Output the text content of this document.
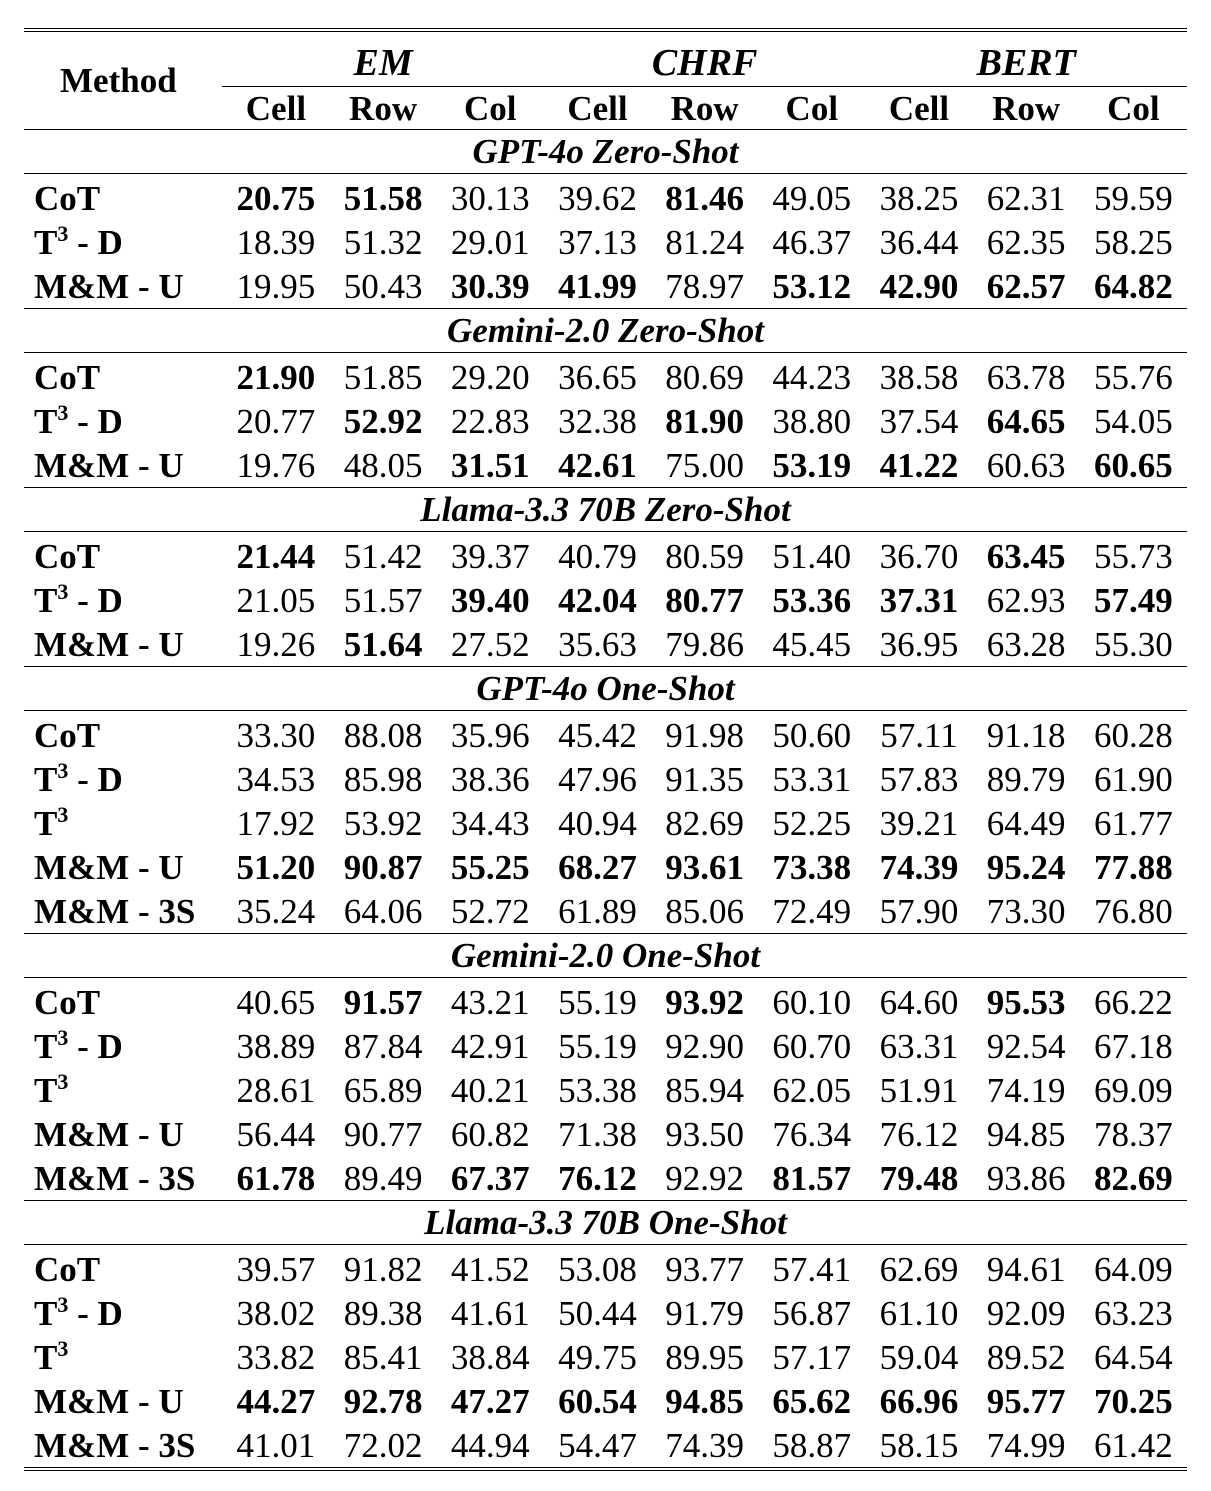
Method	EM			CHRF			BERT		
	Cell	Row	Col	Cell	Row	Col	Cell	Row	Col
GPT-4o Zero-Shot									
CoT	20.75	51.58	30.13	39.62	81.46	49.05	38.25	62.31	59.59
$T^3$ - D	18.39	51.32	29.01	37.13	81.24	46.37	36.44	62.35	58.25
M&M - U	19.95	50.43	30.39	41.99	78.97	53.12	42.90	62.57	64.82
Gemini-2.0 Zero-Shot									
CoT	21.90	51.85	29.20	36.65	80.69	44.23	38.58	63.78	55.76
$T^3$ - D	20.77	52.92	22.83	32.38	81.90	38.80	37.54	64.65	54.05
M&M - U	19.76	48.05	31.51	42.61	75.00	53.19	41.22	60.63	60.65
Llama-3.3 70B Zero-Shot									
CoT	21.44	51.42	39.37	40.79	80.59	51.40	36.70	63.45	55.73
$T^3$ - D	21.05	51.57	39.40	42.04	80.77	53.36	37.31	62.93	57.49
M&M - U	19.26	51.64	27.52	35.63	79.86	45.45	36.95	63.28	55.30
GPT-4o One-Shot									
CoT	33.30	88.08	35.96	45.42	91.98	50.60	57.11	91.18	60.28
$T^3$ - D	34.53	85.98	38.36	47.96	91.35	53.31	57.83	89.79	61.90
$T^3$	17.92	53.92	34.43	40.94	82.69	52.25	39.21	64.49	61.77
M&M - U	51.20	90.87	55.25	68.27	93.61	73.38	74.39	95.24	77.88
M&M - 3S	35.24	64.06	52.72	61.89	85.06	72.49	57.90	73.30	76.80
Gemini-2.0 One-Shot									
CoT	40.65	91.57	43.21	55.19	93.92	60.10	64.60	95.53	66.22
$T^3$ - D	38.89	87.84	42.91	55.19	92.90	60.70	63.31	92.54	67.18
$T^3$	28.61	65.89	40.21	53.38	85.94	62.05	51.91	74.19	69.09
M&M - U	56.44	90.77	60.82	71.38	93.50	76.34	76.12	94.85	78.37
M&M - 3S	61.78	89.49	67.37	76.12	92.92	81.57	79.48	93.86	82.69
Llama-3.3 70B One-Shot									
CoT	39.57	91.82	41.52	53.08	93.77	57.41	62.69	94.61	64.09
$T^3$ - D	38.02	89.38	41.61	50.44	91.79	56.87	61.10	92.09	63.23
$T^3$	33.82	85.41	38.84	49.75	89.95	57.17	59.04	89.52	64.54
M&M - U	44.27	92.78	47.27	60.54	94.85	65.62	66.96	95.77	70.25
M&M - 3S	41.01	72.02	44.94	54.47	74.39	58.87	58.15	74.99	61.42
